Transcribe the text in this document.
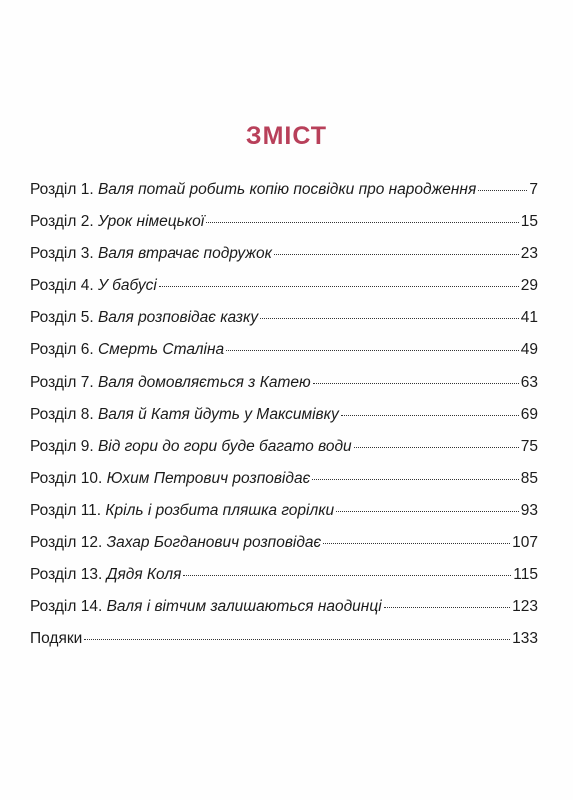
ЗМІСТ
Розділ 1. Валя потай робить копію посвідки про народження	7
Розділ 2. Урок німецької	15
Розділ 3. Валя втрачає подружок	23
Розділ 4. У бабусі	29
Розділ 5. Валя розповідає казку	41
Розділ 6. Смерть Сталіна	49
Розділ 7. Валя домовляється з Катею	63
Розділ 8. Валя й Катя йдуть у Максимівку	69
Розділ 9. Від гори до гори буде багато води	75
Розділ 10. Юхим Петрович розповідає	85
Розділ 11. Кріль і розбита пляшка горілки	93
Розділ 12. Захар Богданович розповідає	107
Розділ 13. Дядя Коля	115
Розділ 14. Валя і вітчим залишаються наодинці	123
Подяки	133
